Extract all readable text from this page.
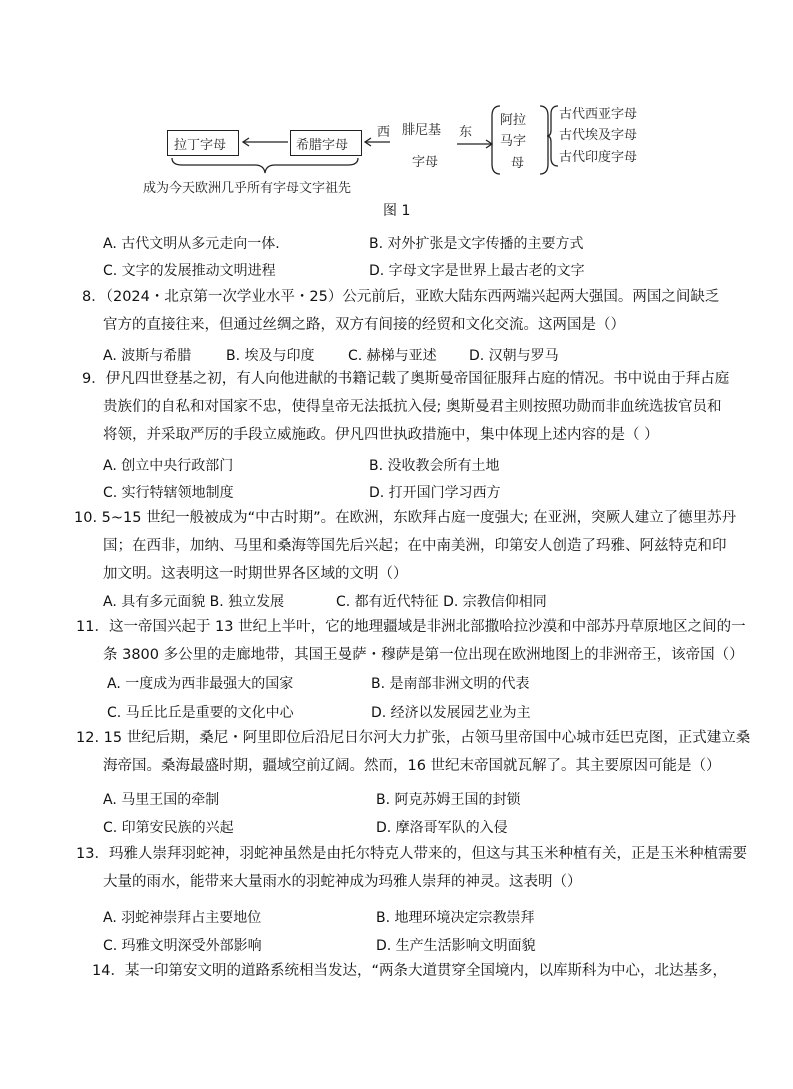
拉丁字母	希腊字母
西 腓尼基
字母
东
阿拉
马字
母
古代西亚字母
古代埃及字母
古代印度字母
成为今天欧洲几乎所有字母文字祖先
图 1
A. 古代文明从多元走向一体.	B. 对外扩张是文字传播的主要方式
C. 文字的发展推动文明进程	D. 字母文字是世界上最古老的文字
8．（2024・北京第一次学业水平・25）公元前后，亚欧大陆东西两端兴起两大强国。两国之间缺乏
官方的直接往来，但通过丝绸之路，双方有间接的经贸和文化交流。这两国是（）
A. 波斯与希腊 B. 埃及与印度 C. 赫梯与亚述 D. 汉朝与罗马
9．伊凡四世登基之初，有人向他进献的书籍记载了奥斯曼帝国征服拜占庭的情况。书中说由于拜占庭
贵族们的自私和对国家不忠，使得皇帝无法抵抗入侵; 奥斯曼君主则按照功勋而非血统选拔官员和
将领，并采取严厉的手段立威施政。伊凡四世执政措施中，集中体现上述内容的是（ ）
A. 创立中央行政部门	B. 没收教会所有土地
C. 实行特辖领地制度	D. 打开国门学习西方
10. 5~15 世纪一般被成为“中古时期”。在欧洲，东欧拜占庭一度强大; 在亚洲，突厥人建立了德里苏丹
国；在西非，加纳、马里和桑海等国先后兴起；在中南美洲，印第安人创造了玛雅、阿兹特克和印
加文明。这表明这一时期世界各区域的文明（）
A. 具有多元面貌 B. 独立发展	C. 都有近代特征 D. 宗教信仰相同
11．这一帝国兴起于 13 世纪上半叶，它的地理疆域是非洲北部撒哈拉沙漠和中部苏丹草原地区之间的一
条 3800 多公里的走廊地带，其国王曼萨・穆萨是第一位出现在欧洲地图上的非洲帝王，该帝国（）
A. 一度成为西非最强大的国家	B. 是南部非洲文明的代表
C. 马丘比丘是重要的文化中心	D. 经济以发展园艺业为主
12. 15 世纪后期，桑尼・阿里即位后沿尼日尔河大力扩张，占领马里帝国中心城市廷巴克图，正式建立桑
海帝国。桑海最盛时期，疆域空前辽阔。然而，16 世纪末帝国就瓦解了。其主要原因可能是（）
A. 马里王国的牵制	B. 阿克苏姆王国的封锁
C. 印第安民族的兴起	D. 摩洛哥军队的入侵
13．玛雅人崇拜羽蛇神，羽蛇神虽然是由托尔特克人带来的，但这与其玉米种植有关，正是玉米种植需要
大量的雨水，能带来大量雨水的羽蛇神成为玛雅人崇拜的神灵。这表明（）
A. 羽蛇神崇拜占主要地位	B. 地理环境决定宗教崇拜
C. 玛雅文明深受外部影响	D. 生产生活影响文明面貌
14．某一印第安文明的道路系统相当发达，“两条大道贯穿全国境内，以库斯科为中心，北达基多，
